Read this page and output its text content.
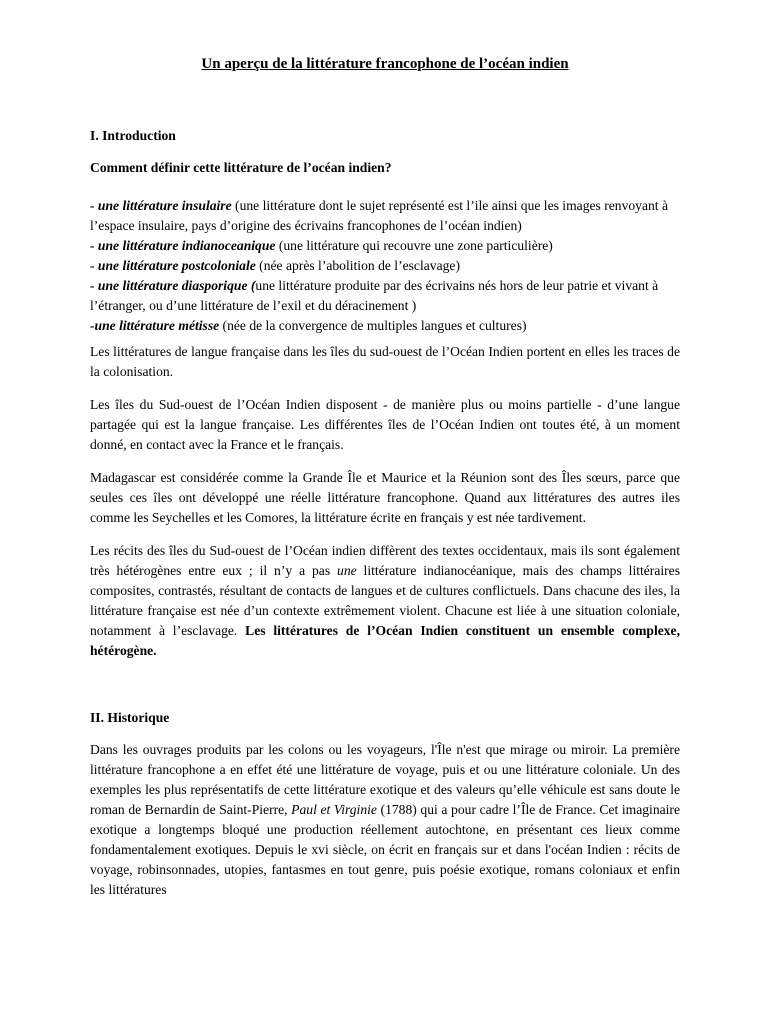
Un aperçu de la littérature francophone de l’océan indien
I. Introduction
Comment définir cette littérature de l’océan indien?
- une littérature insulaire (une littérature dont le sujet représenté est l’ile ainsi que les images renvoyant à l’espace insulaire, pays d’origine des écrivains francophones de l’océan indien)
- une littérature indianoceanique (une littérature qui recouvre une zone particulière)
- une littérature postcoloniale (née après l’abolition de l’esclavage)
- une littérature diasporique (une littérature produite par des écrivains nés hors de leur patrie et vivant à l’étranger, ou d’une littérature de l’exil et du déracinement )
-une littérature métisse (née de la convergence de multiples langues et cultures)

Les littératures de langue française dans les îles du sud-ouest de l’Océan Indien portent en elles les traces de la colonisation.

Les îles du Sud-ouest de l’Océan Indien disposent - de manière plus ou moins partielle - d’une langue partagée qui est la langue française. Les différentes îles de l’Océan Indien ont toutes été, à un moment donné, en contact avec la France et le français.

Madagascar est considérée comme la Grande Île et Maurice et la Réunion sont des Îles sœurs, parce que seules ces îles ont développé une réelle littérature francophone. Quand aux littératures des autres iles comme les Seychelles et les Comores, la littérature écrite en français y est née tardivement.

Les récits des îles du Sud-ouest de l’Océan indien diffèrent des textes occidentaux, mais ils sont également très hétérogènes entre eux ; il n’y a pas une littérature indianocéanique, mais des champs littéraires composites, contrastés, résultant de contacts de langues et de cultures conflictuels. Dans chacune des iles, la littérature française est née d’un contexte extrêmement violent. Chacune est liée à une situation coloniale, notamment à l’esclavage. Les littératures de l’Océan Indien constituent un ensemble complexe, hétérogène.

II. Historique

Dans les ouvrages produits par les colons ou les voyageurs, l'Île n'est que mirage ou miroir. La première littérature francophone a en effet été une littérature de voyage, puis et ou une littérature coloniale. Un des exemples les plus représentatifs de cette littérature exotique et des valeurs qu’elle véhicule est sans doute le roman de Bernardin de Saint-Pierre, Paul et Virginie (1788) qui a pour cadre l’Île de France. Cet imaginaire exotique a longtemps bloqué une production réellement autochtone, en présentant ces lieux comme fondamentalement exotiques. Depuis le xvi siècle, on écrit en français sur et dans l'océan Indien : récits de voyage, robinsonnades, utopies, fantasmes en tout genre, puis poésie exotique, romans coloniaux et enfin les littératures
